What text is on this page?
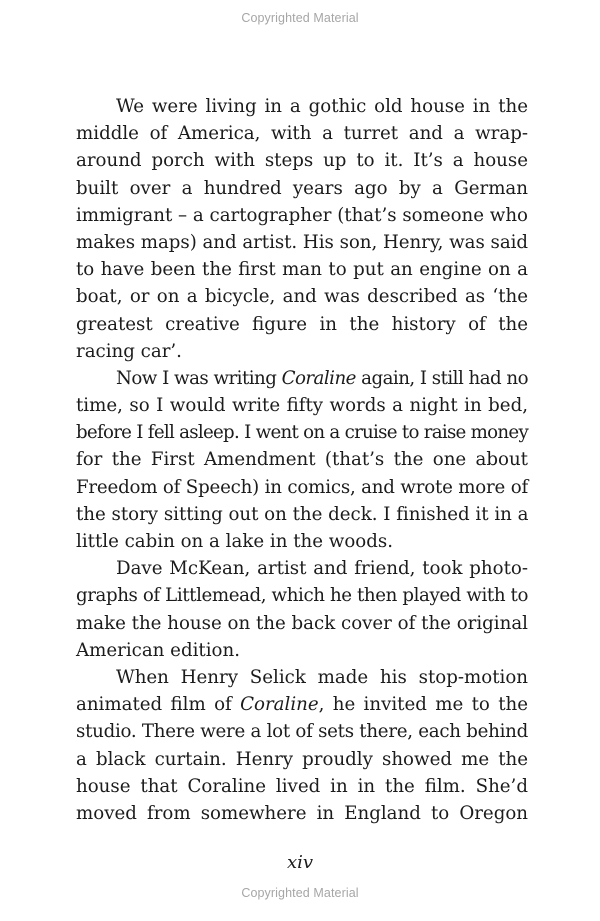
Copyrighted Material

We were living in a gothic old house in the
middle of America, with a turret and a wrap-
around porch with steps up to it. It’s a house
built over a hundred years ago by a German
immigrant – a cartographer (that’s someone who
makes maps) and artist. His son, Henry, was said
to have been the first man to put an engine on a
boat, or on a bicycle, and was described as ‘the
greatest creative figure in the history of the
racing car’.

Now I was writing Coraline again, I still had no
time, so I would write fifty words a night in bed,
before I fell asleep. I went on a cruise to raise money
for the First Amendment (that’s the one about
Freedom of Speech) in comics, and wrote more of
the story sitting out on the deck. I finished it in a
little cabin on a lake in the woods.

Dave McKean, artist and friend, took photo-
graphs of Littlemead, which he then played with to
make the house on the back cover of the original
American edition.

When Henry Selick made his stop-motion
animated film of Coraline, he invited me to the
studio. There were a lot of sets there, each behind
a black curtain. Henry proudly showed me the
house that Coraline lived in in the film. She’d
moved from somewhere in England to Oregon

xiv
Copyrighted Material
